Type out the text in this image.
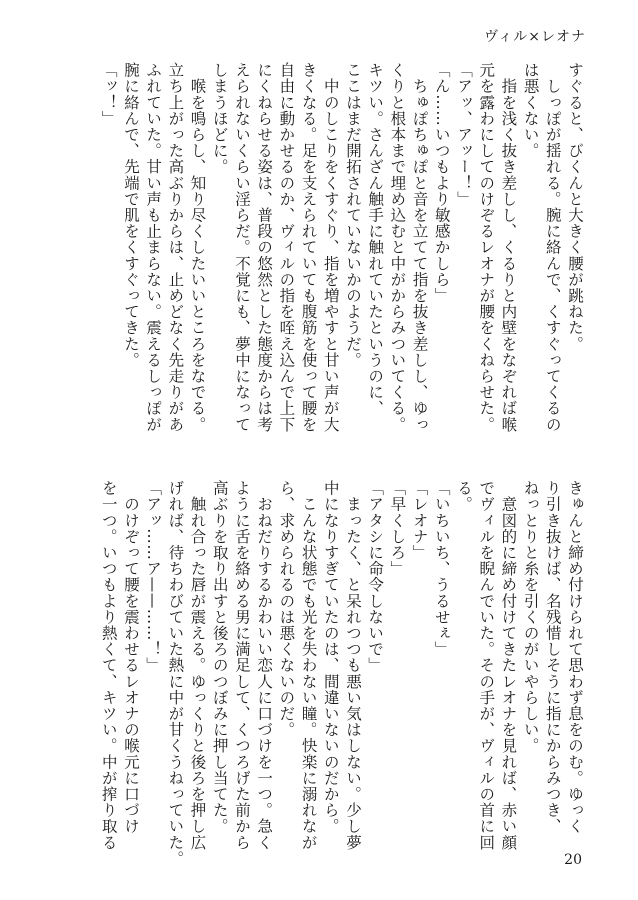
ヴィル×レオナ
すぐると、びくんと大きく腰が跳ねた。
　しっぽが揺れる。腕に絡んで、くすぐってくるの
は悪くない。
　指を浅く抜き差しし、くるりと内壁をなぞれば喉
元を露わにしてのけぞるレオナが腰をくねらせた。
「アッ、アッー！」
「ん……いつもより敏感かしら」
　ちゅぽちゅぽと音を立てて指を抜き差しし、ゆっ
くりと根本まで埋め込むと中がからみついてくる。
キツい。さんざん触手に触れていたというのに、
ここはまだ開拓されていないかのようだ。
　中のしこりをくすぐり、指を増やすと甘い声が大
きくなる。足を支えられていても腹筋を使って腰を
自由に動かせるのか、ヴィルの指を咥え込んで上下
にくねらせる姿は、普段の悠然とした態度からは考
えられないくらい淫らだ。不覚にも、夢中になって
しまうほどに。
　喉を鳴らし、知り尽くしたいいところをなでる。
立ち上がった高ぶりからは、止めどなく先走りがあ
ふれていた。甘い声も止まらない。震えるしっぽが
腕に絡んで、先端で肌をくすぐってきた。
「ッ！」
きゅんと締め付けられて思わず息をのむ。ゆっく
り引き抜けば、名残惜しそうに指にからみつき、
ねっとりと糸を引くのがいやらしい。
　意図的に締め付けてきたレオナを見れば、赤い顔
でヴィルを睨んでいた。その手が、ヴィルの首に回
る。
「いちいち、うるせぇ」
「レオナ」
「早くしろ」
「アタシに命令しないで」
　まったく、と呆れつつも悪い気はしない。少し夢
中になりすぎていたのは、間違いないのだから。
　こんな状態でも光を失わない瞳。快楽に溺れなが
ら、求められるのは悪くないのだ。
　おねだりするかわいい恋人に口づけを一つ。急く
ように舌を絡める男に満足して、くつろげた前から
高ぶりを取り出すと後ろのつぼみに押し当てた。
　触れ合った唇が震える。ゆっくりと後ろを押し広
げれば、待ちわびていた熱に中が甘くうねっていた。
「アッ……ア——……！」
　のけぞって腰を震わせるレオナの喉元に口づけ
を一つ。いつもより熱くて、キツい。中が搾り取る
20
